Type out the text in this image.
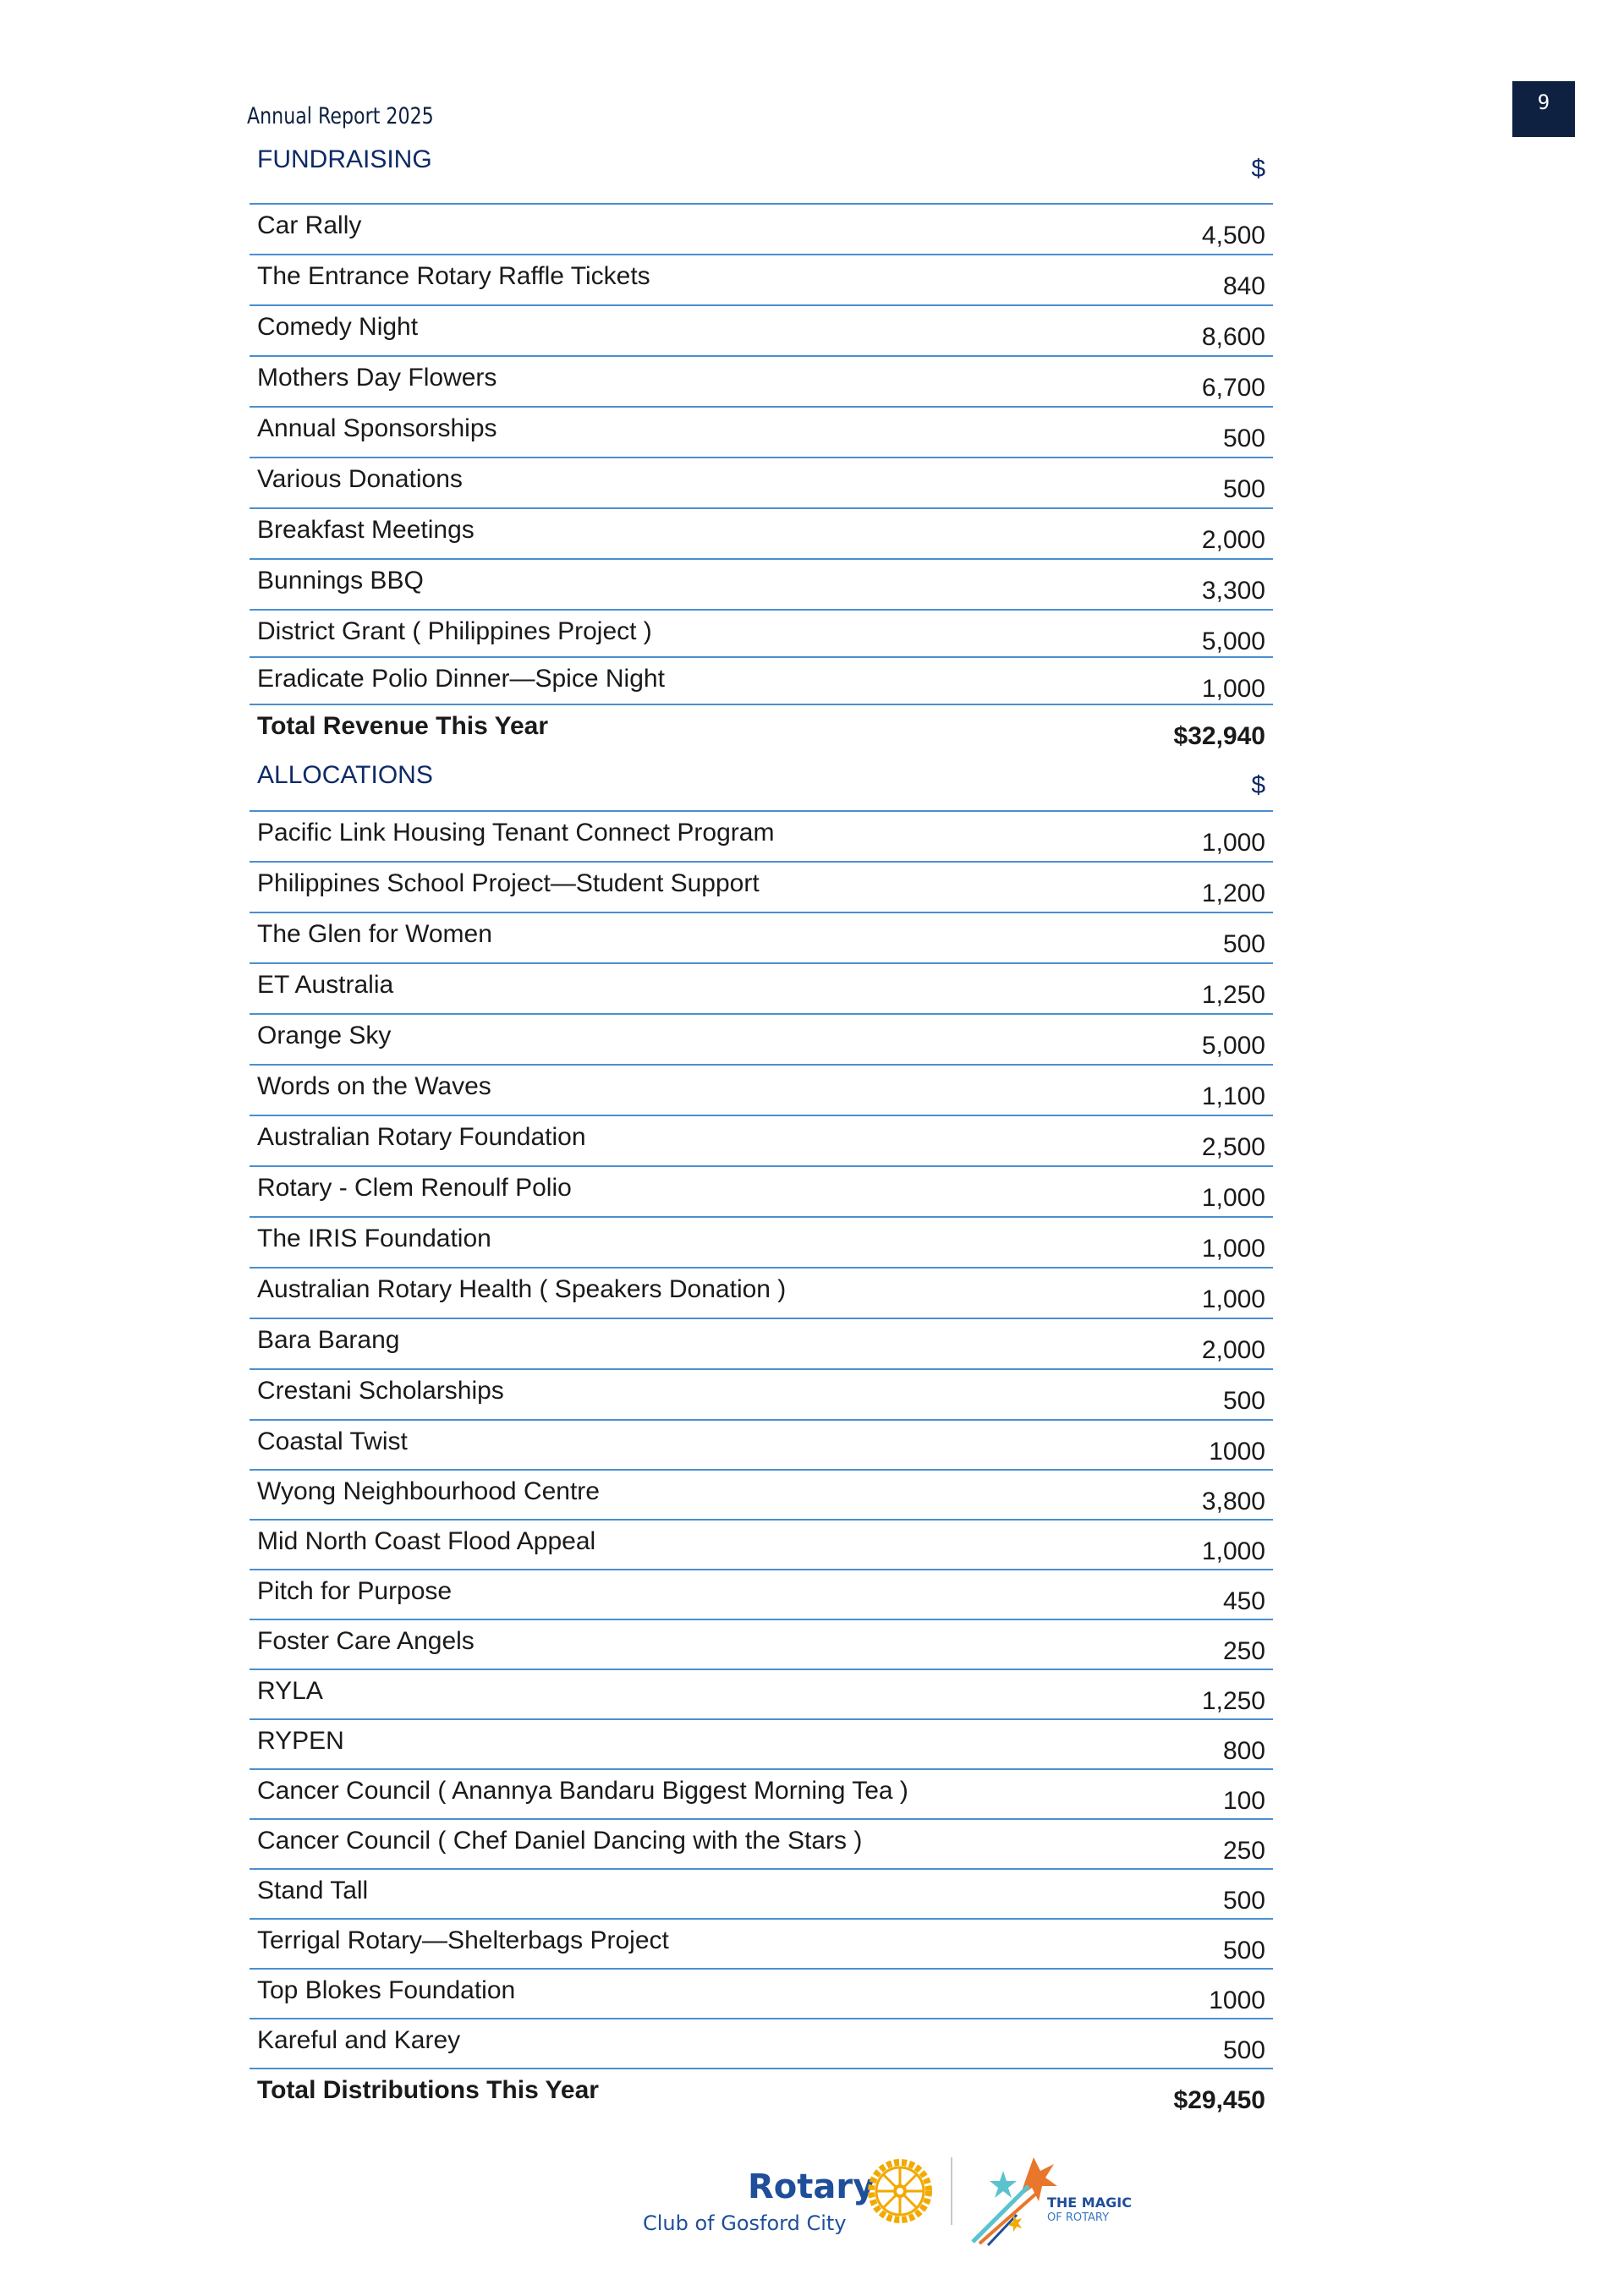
9
Annual Report 2025
FUNDRAISING	$
Car Rally	4,500
The Entrance Rotary Raffle Tickets	840
Comedy Night	8,600
Mothers Day Flowers	6,700
Annual Sponsorships	500
Various Donations	500
Breakfast Meetings	2,000
Bunnings BBQ	3,300
District Grant ( Philippines Project )	5,000
Eradicate Polio Dinner—Spice Night	1,000
Total Revenue This Year	$32,940
ALLOCATIONS	$
Pacific Link Housing Tenant Connect Program	1,000
Philippines School Project—Student Support	1,200
The Glen for Women	500
ET Australia	1,250
Orange Sky	5,000
Words on the Waves	1,100
Australian Rotary Foundation	2,500
Rotary - Clem Renoulf Polio	1,000
The IRIS Foundation	1,000
Australian Rotary Health ( Speakers Donation )	1,000
Bara Barang	2,000
Crestani Scholarships	500
Coastal Twist	1000
Wyong Neighbourhood Centre	3,800
Mid North Coast Flood Appeal	1,000
Pitch for Purpose	450
Foster Care Angels	250
RYLA	1,250
RYPEN	800
Cancer Council ( Anannya Bandaru Biggest Morning Tea )	100
Cancer Council ( Chef Daniel Dancing with the Stars )	250
Stand Tall	500
Terrigal Rotary—Shelterbags Project	500
Top Blokes Foundation	1000
Kareful and Karey	500
Total Distributions This Year	$29,450
Rotary
Club of Gosford City
THE MAGIC
OF ROTARY
